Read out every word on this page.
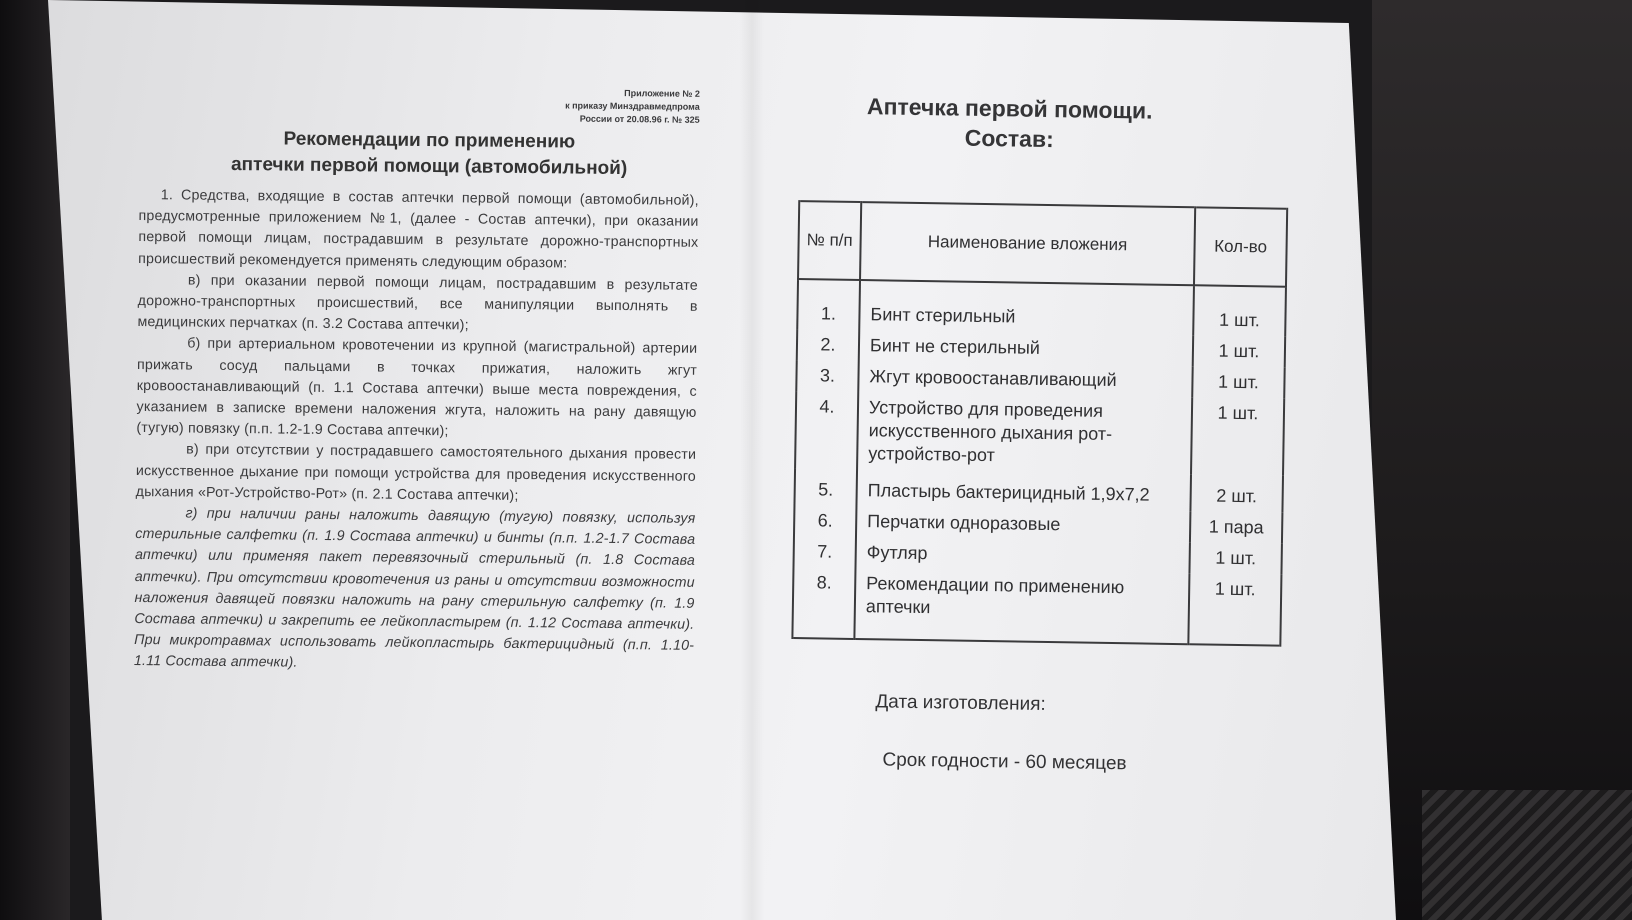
Приложение № 2
к приказу Минздравмедпрома
России от 20.08.96 г. № 325
Рекомендации по применению
аптечки первой помощи (автомобильной)

1. Средства, входящие в состав аптечки первой помощи (автомобильной), предусмотренные приложением №1, (далее - Состав аптечки), при оказании первой помощи лицам, пострадавшим в результате дорожно-транспортных происшествий рекомендуется применять следующим образом:

в) при оказании первой помощи лицам, пострадавшим в результате дорожно-транспортных происшествий, все манипуляции выполнять в медицинских перчатках (п. 3.2 Состава аптечки);

б) при артериальном кровотечении из крупной (магистральной) артерии прижать сосуд пальцами в точках прижатия, наложить жгут кровоостанавливающий (п. 1.1 Состава аптечки) выше места повреждения, с указанием в записке времени наложения жгута, наложить на рану давящую (тугую) повязку (п.п. 1.2-1.9 Состава аптечки);

в) при отсутствии у пострадавшего самостоятельного дыхания провести искусственное дыхание при помощи устройства для проведения искусственного дыхания «Рот-Устройство-Рот» (п. 2.1 Состава аптечки);

г) при наличии раны наложить давящую (тугую) повязку, используя стерильные салфетки (п. 1.9 Состава аптечки) и бинты (п.п. 1.2-1.7 Состава аптечки) или применяя пакет перевязочный стерильный (п. 1.8 Состава аптечки). При отсутствии кровотечения из раны и отсутствии возможности наложения давящей повязки наложить на рану стерильную салфетку (п. 1.9 Состава аптечки) и закрепить ее лейкопластырем (п. 1.12 Состава аптечки). При микротравмах использовать лейкопластырь бактерицидный (п.п. 1.10-1.11 Состава аптечки).

Аптечка первой помощи.
Состав:
№ п/п	Наименование вложения	Кол-во
1.	Бинт стерильный	1 шт.
2.	Бинт не стерильный	1 шт.
3.	Жгут кровоостанавливающий	1 шт.
4.	Устройство для проведения искусственного дыхания рот-устройство-рот	1 шт.
5.	Пластырь бактерицидный 1,9х7,2	2 шт.
6.	Перчатки одноразовые	1 пара
7.	Футляр	1 шт.
8.	Рекомендации по применению аптечки	1 шт.
Дата изготовления:
Срок годности - 60 месяцев
